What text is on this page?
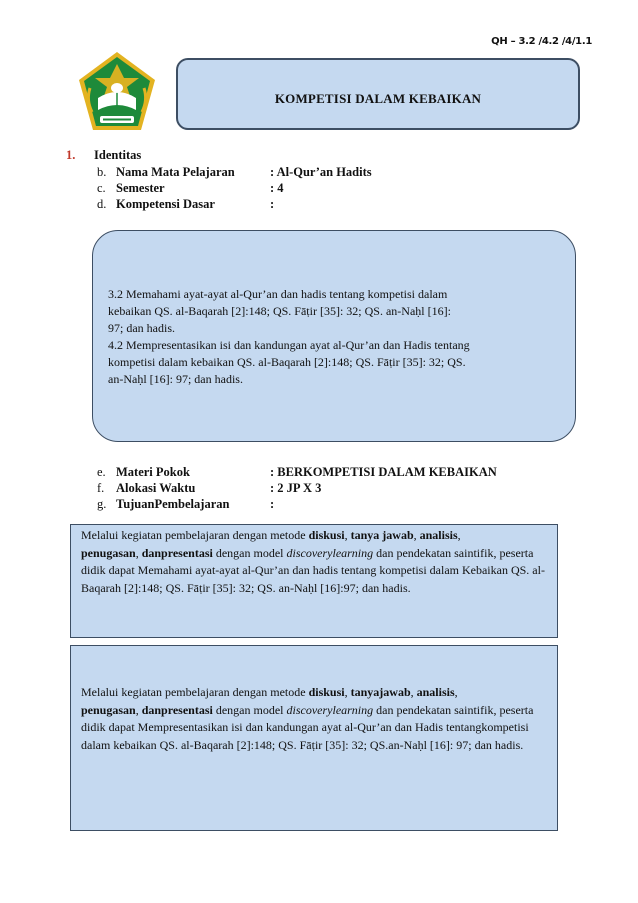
QH – 3.2 /4.2 /4/1.1
KOMPETISI DALAM KEBAIKAN
1. Identitas
b. Nama Mata Pelajaran	: Al-Qur’an Hadits
c. Semester	: 4
d. Kompetensi Dasar	:

3.2 Memahami ayat-ayat al-Qur’an dan hadis tentang kompetisi dalam

kebaikan QS. al-Baqarah [2]:148; QS. Fāṭir [35]: 32; QS. an-Naḥl [16]:

97; dan hadis.

4.2 Mempresentasikan isi dan kandungan ayat al-Qur’an dan Hadis tentang

kompetisi dalam kebaikan QS. al-Baqarah [2]:148; QS. Fāṭir [35]: 32; QS.

an-Naḥl [16]: 97; dan hadis.

e. Materi Pokok	: BERKOMPETISI DALAM KEBAIKAN
f. Alokasi Waktu	: 2 JP X 3
g. TujuanPembelajaran	:
Melalui kegiatan pembelajaran dengan metode diskusi, tanya jawab, analisis,
penugasan, danpresentasi dengan model discoverylearning dan pendekatan saintifik, peserta didik dapat Memahami ayat-ayat al-Qur’an dan hadis tentang kompetisi dalam Kebaikan QS. al-Baqarah [2]:148; QS. Fāṭir [35]: 32; QS. an-Naḥl [16]:97; dan hadis.
Melalui kegiatan pembelajaran dengan metode diskusi, tanyajawab, analisis,
penugasan, danpresentasi dengan model discoverylearning dan pendekatan saintifik, peserta didik dapat Mempresentasikan isi dan kandungan ayat al-Qur’an dan Hadis tentangkompetisi dalam kebaikan QS. al-Baqarah [2]:148; QS. Fāṭir [35]: 32; QS.an-Naḥl [16]: 97; dan hadis.
